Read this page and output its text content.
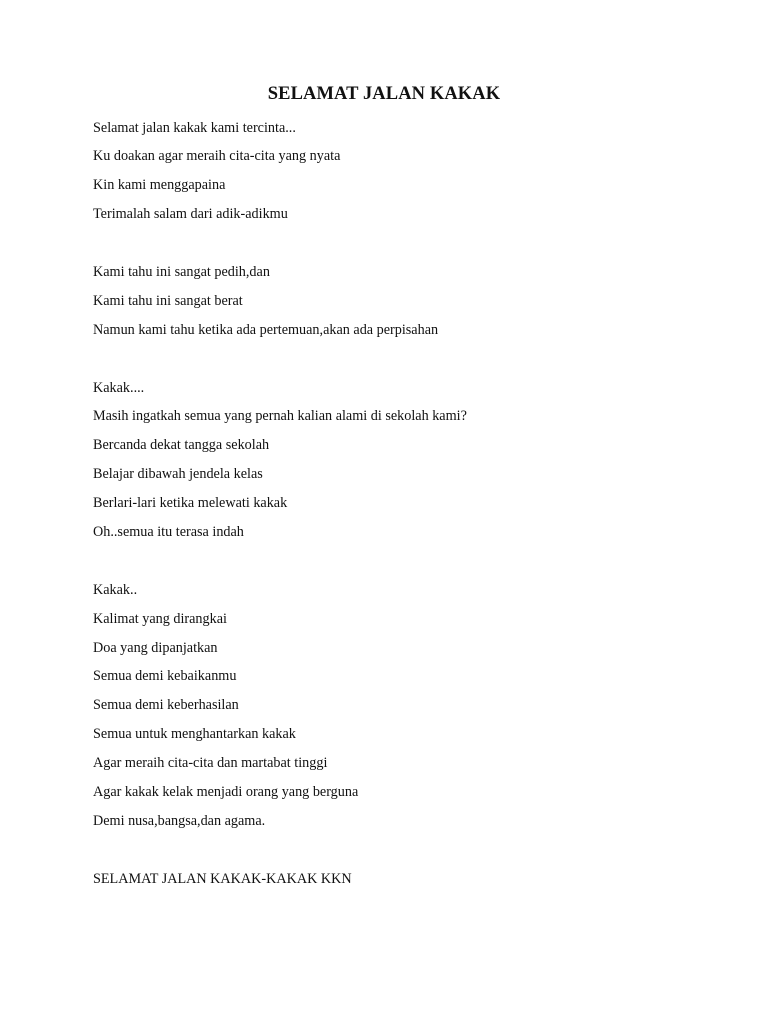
SELAMAT JALAN KAKAK
Selamat jalan kakak kami tercinta...
Ku doakan agar meraih cita-cita yang nyata
Kin kami menggapaina
Terimalah salam dari adik-adikmu
Kami tahu ini sangat pedih,dan
Kami tahu ini sangat berat
Namun kami tahu ketika ada pertemuan,akan ada perpisahan
Kakak....
Masih ingatkah semua yang pernah kalian alami di sekolah kami?
Bercanda dekat tangga sekolah
Belajar dibawah jendela kelas
Berlari-lari ketika melewati kakak
Oh..semua itu terasa indah
Kakak..
Kalimat yang dirangkai
Doa yang dipanjatkan
Semua demi kebaikanmu
Semua demi keberhasilan
Semua untuk menghantarkan kakak
Agar meraih cita-cita dan martabat tinggi
Agar kakak kelak menjadi orang yang berguna
Demi nusa,bangsa,dan agama.
SELAMAT JALAN KAKAK-KAKAK KKN
